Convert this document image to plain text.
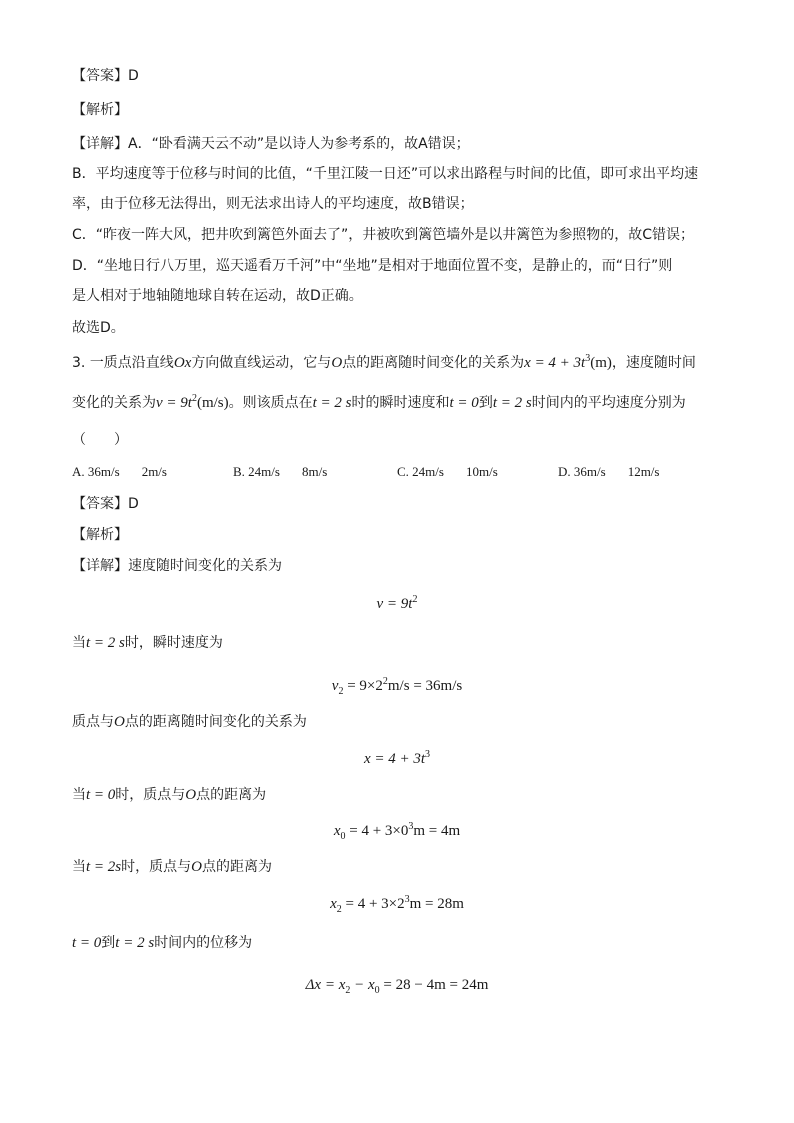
【答案】D
【解析】
【详解】A．“卧看满天云不动”是以诗人为参考系的，故A错误；
B．平均速度等于位移与时间的比值，“千里江陵一日还”可以求出路程与时间的比值，即可求出平均速
率，由于位移无法得出，则无法求出诗人的平均速度，故B错误；
C．“昨夜一阵大风，把井吹到篱笆外面去了”，井被吹到篱笆墙外是以井篱笆为参照物的，故C错误；
D．“坐地日行八万里，巡天遥看万千河”中“坐地”是相对于地面位置不变，是静止的，而“日行”则
是人相对于地轴随地球自转在运动，故D正确。
故选D。
3. 一质点沿直线Ox方向做直线运动，它与O点的距离随时间变化的关系为$x = 4 + 3t^3(m)$，速度随时间
变化的关系为$v = 9t^2(m/s)$。则该质点在t = 2 s时的瞬时速度和t = 0到t = 2 s时间内的平均速度分别为
（　　）
A. 36m/s 2m/s	B. 24m/s 8m/s	C. 24m/s 10m/s	D. 36m/s 12m/s
【答案】D
【解析】
【详解】速度随时间变化的关系为
$v = 9t^2$
当t = 2 s时，瞬时速度为
$v_2 = 9\times 2^2m/s = 36m/s$
质点与O点的距离随时间变化的关系为
$x = 4 + 3t^3$
当t = 0时，质点与O点的距离为
$x_0 = 4 + 3\times 0^3m = 4m$
当t = 2s时，质点与O点的距离为
$x_2 = 4 + 3\times 2^3m = 28m$
t = 0到t = 2 s时间内的位移为
$\Delta x = x_2 - x_0 = 28 - 4m = 24m$
